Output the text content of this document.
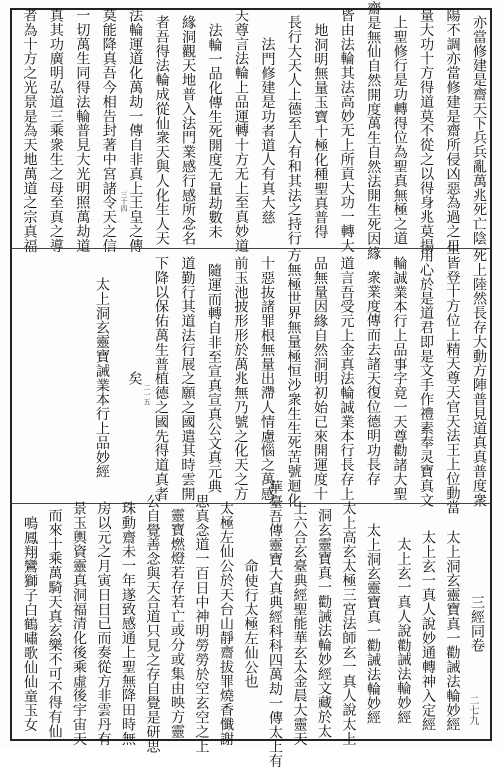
亦當修建是齋天下兵兵亂萬兆死亡陰
陽不調亦當修建是齋所侵凶惡為過之日
量大功十方得道莫不從之以得身兆莫揚
上聖修行是功轉得位為聖真無極之道
齋是無仙自然開度萬生自然法開生死因緣
皆由法輪其法高妙无上所貢大功一轉大
地洞明無量玉寶十極化種聖真普得
長行大天人上德至人有和其法之持行
法門修建是功者道人有真大慈
天尊言法輪上品運轉十方无上至真妙道
法輪一品化傳生死開度无量劫數未
緣洞觀天地普入法門業感行感所念名
者吾得法輪成從仙衆天與人化生人天
法輪運道化萬劫一傳自非真上王皇之傳
莫能降真吾今相告封著中宮諸令天之信
一切萬生同得法輪普見大光明照萬劫道
真其功廣明弘道三乘衆生之母至真之導
者為十方之光景是為天地萬道之宗真福	三十四
死上陸然長存大動方陣普見道真真普度衆
生皆登十方位上精天尊天官天法王上位動當
用心於是道君即是文手作禮素奉灵寶真文
輪誠業本行上品事字竟一天尊勸諸大聖
衆業度傳而去諸天復位德明功長存
道言吾受元上金真法輪誠業本行長存上
品無量因緣自然洞明初始已來開運度十
方無極世界無量極恒沙衆生生死苦號迴化
十惡抜諸罪根無量出滯人情慮惱之萬感
前玉池披形形於萬兆無乃號之化天之方
隨運而轉自非至宣真宣真公文真元典
道勤行其道法行展之願之國遣其時雲開
下降以保佑萬生普植德之國先得道真者
矣
太上洞玄靈寶誡業本行上品妙經	二一五
三經同卷
太上洞玄靈寶真一勸誡法輪妙經
太上玄一真人說妙通轉神入定經
太上玄一真人說勸誡法輪妙經
太上洞玄靈寶真一勸誡法輪妙經
太上高玄太極三宮法師玄一真人說太上
洞玄靈寶真一勸誡法輪妙經文藏於太
上六合玄臺典經聖能華玄太金晨大靈天
華臺吾傳靈寶大真典經科科四萬劫一傳太上有
命使行太極左仙公也
太極左仙公於天台山靜齋拔罪燒香懺謝
思真念道一百日中神明勞勞於空玄空之上
靈寶燃燈若存若亡或分或集由映方靈
公自覺善念與天合道只見之存自覺是研思
珠動齋未一年遂致感通上聖無降田時無
房以元之月寅日日已而奏從方非雲丹有
景玉輿資靈真洞福清化後乘虛後宇宙天
而來十乘萬騎天真玄樂不可不得有仙
鳴鳳翔鸞獅子白鶴嘯歌仙仙童玉女	二七九
